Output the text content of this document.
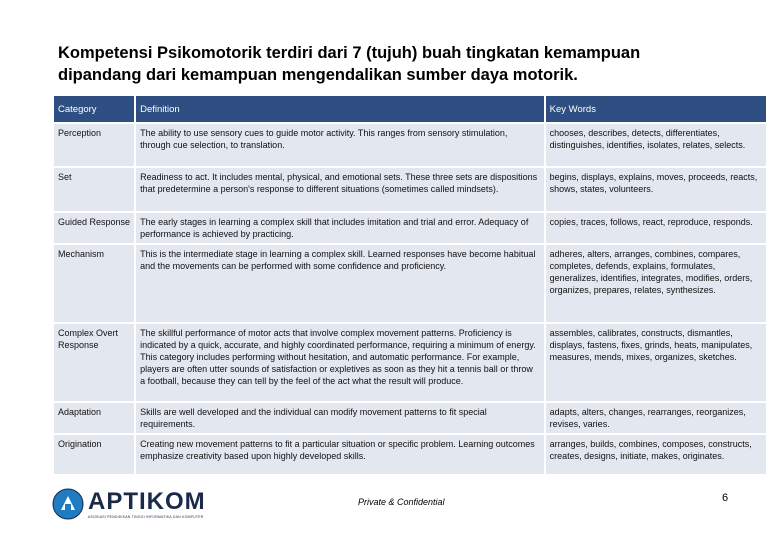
Kompetensi Psikomotorik terdiri dari 7 (tujuh) buah tingkatan kemampuan
dipandang dari kemampuan mengendalikan sumber daya motorik.
Category	Definition	Key Words
Perception	The ability to use sensory cues to guide motor activity. This ranges from sensory stimulation, through cue selection, to translation.	chooses, describes, detects, differentiates, distinguishes, identifies, isolates, relates, selects.
Set	Readiness to act. It includes mental, physical, and emotional sets. These three sets are dispositions that predetermine a person's response to different situations (sometimes called mindsets).	begins, displays, explains, moves, proceeds, reacts, shows, states, volunteers.
Guided Response	The early stages in learning a complex skill that includes imitation and trial and error. Adequacy of performance is achieved by practicing.	copies, traces, follows, react, reproduce, responds.
Mechanism	This is the intermediate stage in learning a complex skill. Learned responses have become habitual and the movements can be performed with some confidence and proficiency.	adheres, alters, arranges, combines, compares, completes, defends, explains, formulates, generalizes, identifies, integrates, modifies, orders, organizes, prepares, relates, synthesizes.
Complex Overt Response	The skillful performance of motor acts that involve complex movement patterns. Proficiency is indicated by a quick, accurate, and highly coordinated performance, requiring a minimum of energy. This category includes performing without hesitation, and automatic performance. For example, players are often utter sounds of satisfaction or expletives as soon as they hit a tennis ball or throw a football, because they can tell by the feel of the act what the result will produce.	assembles, calibrates, constructs, dismantles, displays, fastens, fixes, grinds, heats, manipulates, measures, mends, mixes, organizes, sketches.
Adaptation	Skills are well developed and the individual can modify movement patterns to fit special requirements.	adapts, alters, changes, rearranges, reorganizes, revises, varies.
Origination	Creating new movement patterns to fit a particular situation or specific problem. Learning outcomes emphasize creativity based upon highly developed skills.	arranges, builds, combines, composes, constructs, creates, designs, initiate, makes, originates.
APTIKOM
ASOSIASI PENDIDIKAN TINGGI INFORMATIKA DAN KOMPUTER
Private & Confidential	6
